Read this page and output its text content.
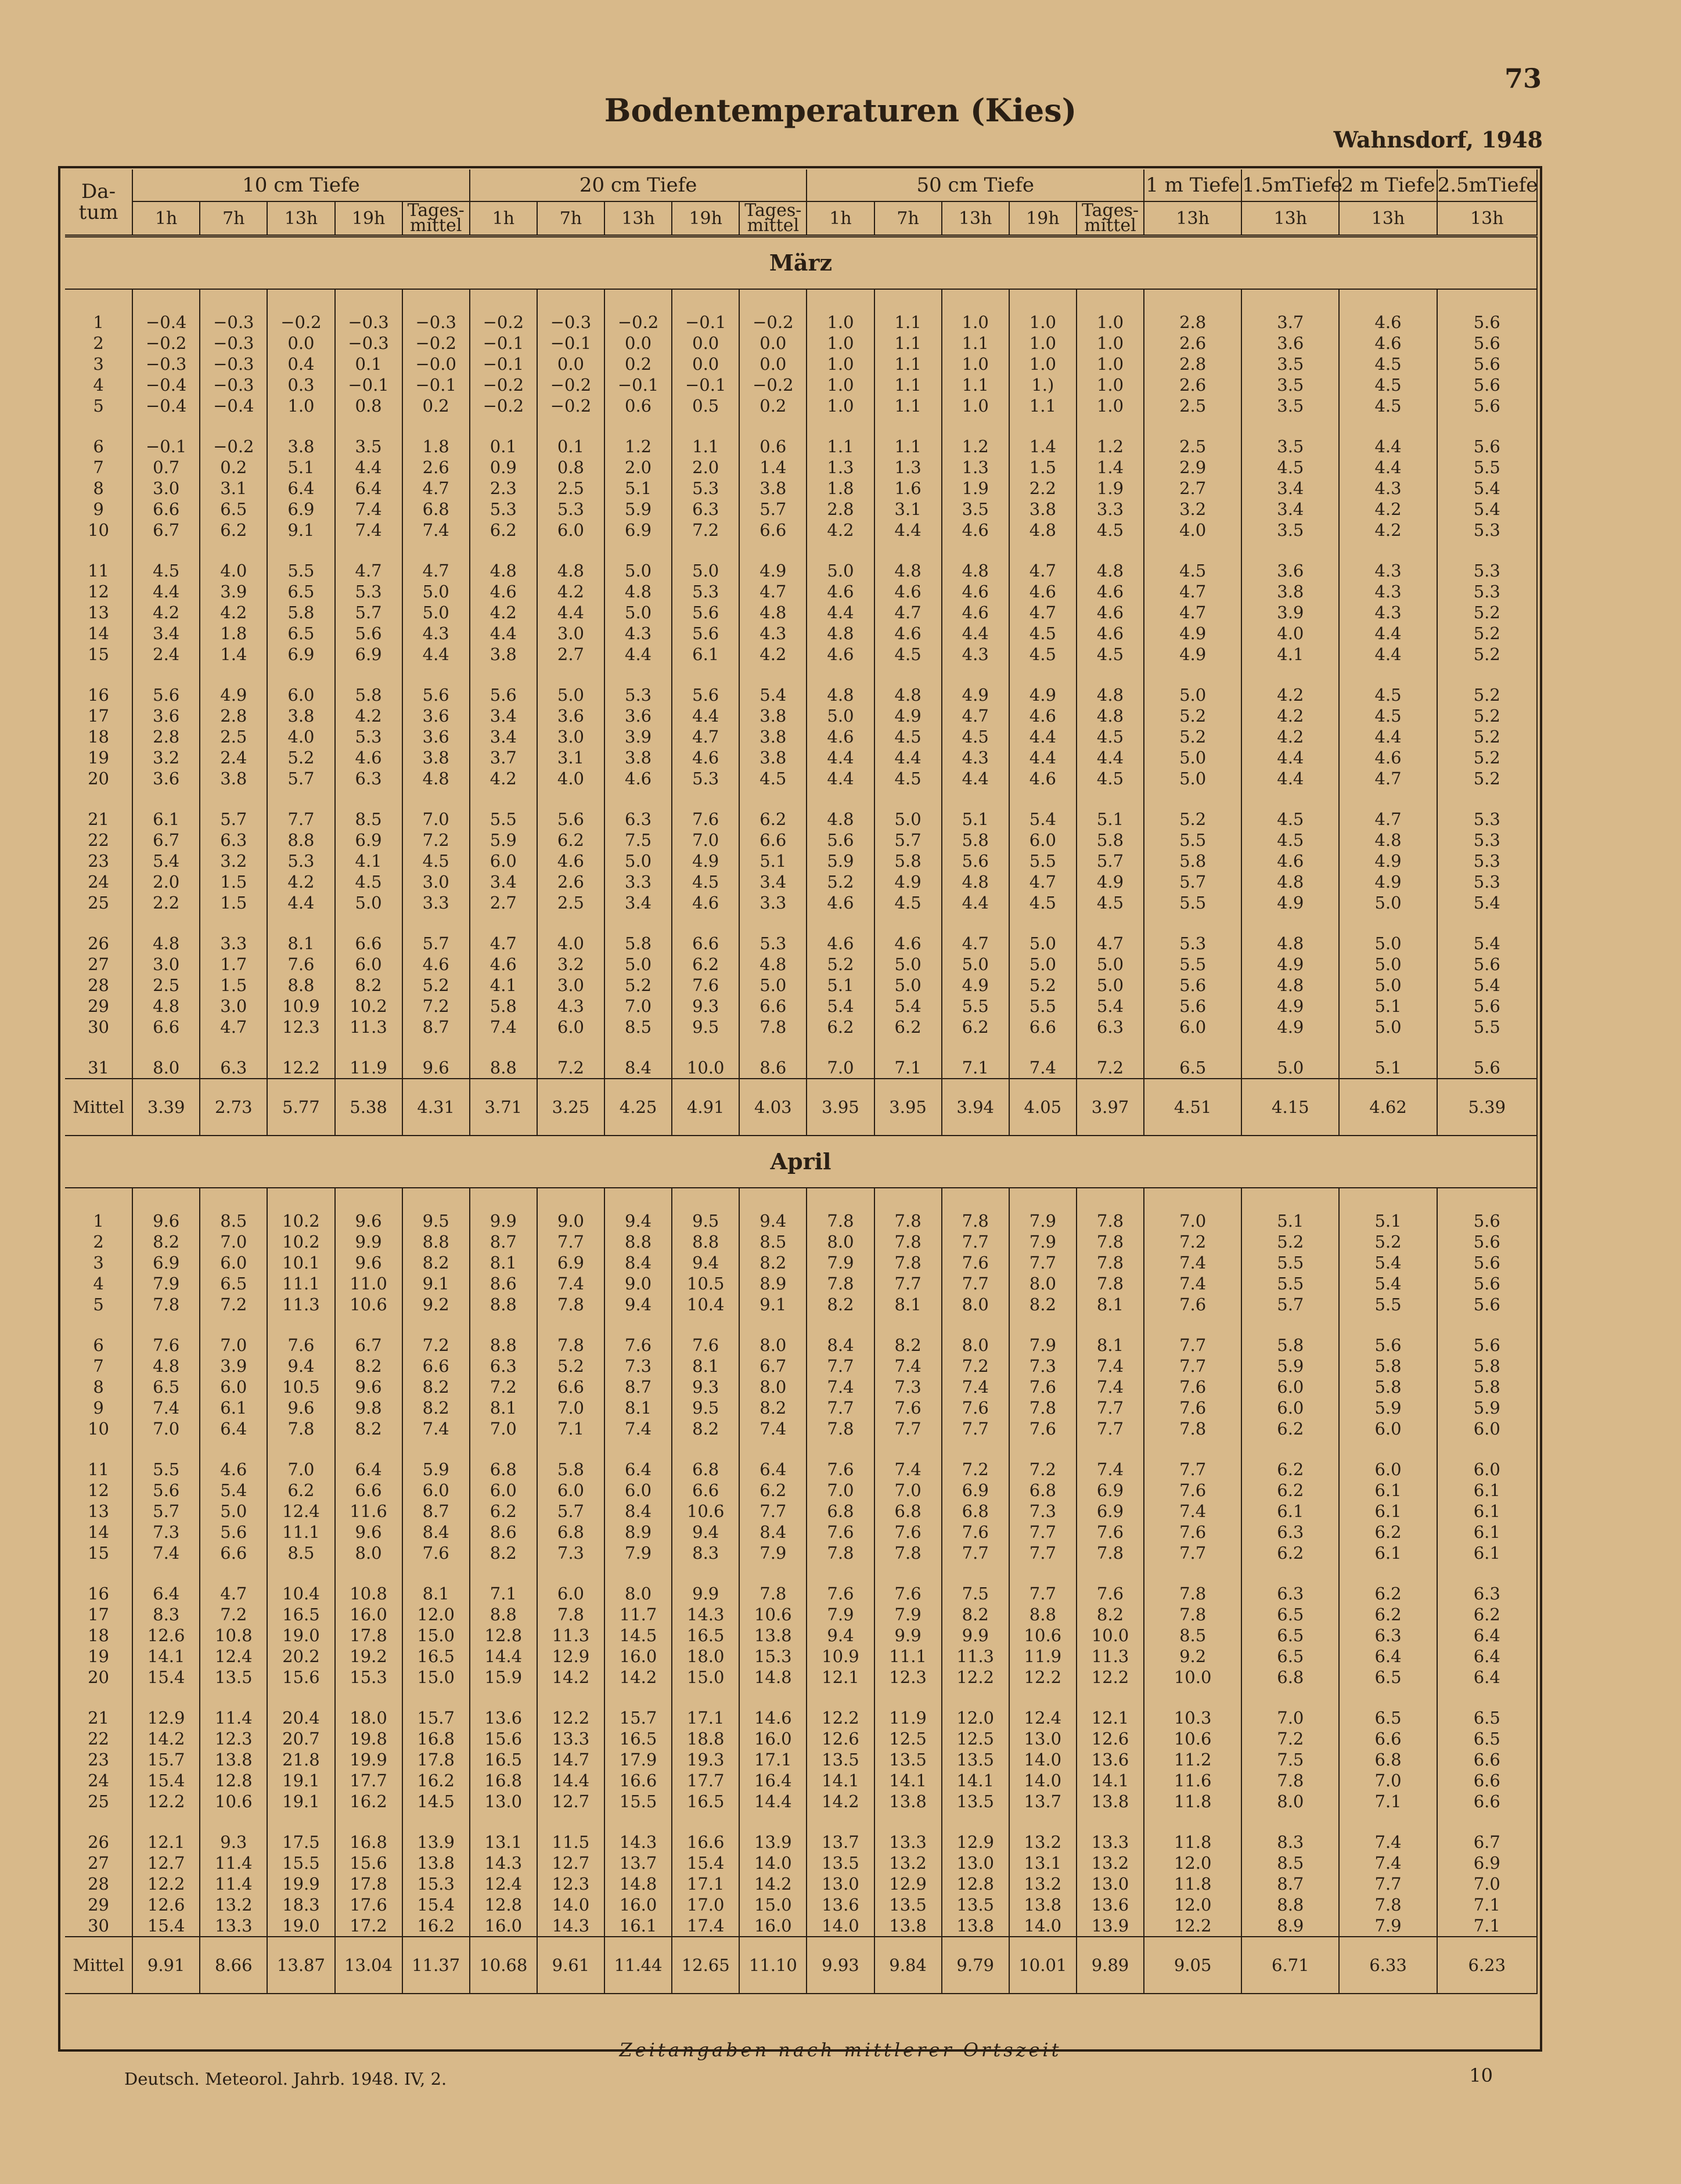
73
Bodentemperaturen (Kies)
Wahnsdorf, 1948
Da-
tum	10 cm Tiefe					20 cm Tiefe					50 cm Tiefe					1 m Tiefe	1.5mTiefe	2 m Tiefe	2.5mTiefe
	1h	7h	13h	19h	Tages-
mittel	1h	7h	13h	19h	Tages-
mittel	1h	7h	13h	19h	Tages-
mittel	13h	13h	13h	13h
März																			

1	−0.4	−0.3	−0.2	−0.3	−0.3	−0.2	−0.3	−0.2	−0.1	−0.2	1.0	1.1	1.0	1.0	1.0	2.8	3.7	4.6	5.6
2	−0.2	−0.3	0.0	−0.3	−0.2	−0.1	−0.1	0.0	0.0	0.0	1.0	1.1	1.1	1.0	1.0	2.6	3.6	4.6	5.6
3	−0.3	−0.3	0.4	0.1	−0.0	−0.1	0.0	0.2	0.0	0.0	1.0	1.1	1.0	1.0	1.0	2.8	3.5	4.5	5.6
4	−0.4	−0.3	0.3	−0.1	−0.1	−0.2	−0.2	−0.1	−0.1	−0.2	1.0	1.1	1.1	1.)	1.0	2.6	3.5	4.5	5.6
5	−0.4	−0.4	1.0	0.8	0.2	−0.2	−0.2	0.6	0.5	0.2	1.0	1.1	1.0	1.1	1.0	2.5	3.5	4.5	5.6

6	−0.1	−0.2	3.8	3.5	1.8	0.1	0.1	1.2	1.1	0.6	1.1	1.1	1.2	1.4	1.2	2.5	3.5	4.4	5.6
7	0.7	0.2	5.1	4.4	2.6	0.9	0.8	2.0	2.0	1.4	1.3	1.3	1.3	1.5	1.4	2.9	4.5	4.4	5.5
8	3.0	3.1	6.4	6.4	4.7	2.3	2.5	5.1	5.3	3.8	1.8	1.6	1.9	2.2	1.9	2.7	3.4	4.3	5.4
9	6.6	6.5	6.9	7.4	6.8	5.3	5.3	5.9	6.3	5.7	2.8	3.1	3.5	3.8	3.3	3.2	3.4	4.2	5.4
10	6.7	6.2	9.1	7.4	7.4	6.2	6.0	6.9	7.2	6.6	4.2	4.4	4.6	4.8	4.5	4.0	3.5	4.2	5.3

11	4.5	4.0	5.5	4.7	4.7	4.8	4.8	5.0	5.0	4.9	5.0	4.8	4.8	4.7	4.8	4.5	3.6	4.3	5.3
12	4.4	3.9	6.5	5.3	5.0	4.6	4.2	4.8	5.3	4.7	4.6	4.6	4.6	4.6	4.6	4.7	3.8	4.3	5.3
13	4.2	4.2	5.8	5.7	5.0	4.2	4.4	5.0	5.6	4.8	4.4	4.7	4.6	4.7	4.6	4.7	3.9	4.3	5.2
14	3.4	1.8	6.5	5.6	4.3	4.4	3.0	4.3	5.6	4.3	4.8	4.6	4.4	4.5	4.6	4.9	4.0	4.4	5.2
15	2.4	1.4	6.9	6.9	4.4	3.8	2.7	4.4	6.1	4.2	4.6	4.5	4.3	4.5	4.5	4.9	4.1	4.4	5.2

16	5.6	4.9	6.0	5.8	5.6	5.6	5.0	5.3	5.6	5.4	4.8	4.8	4.9	4.9	4.8	5.0	4.2	4.5	5.2
17	3.6	2.8	3.8	4.2	3.6	3.4	3.6	3.6	4.4	3.8	5.0	4.9	4.7	4.6	4.8	5.2	4.2	4.5	5.2
18	2.8	2.5	4.0	5.3	3.6	3.4	3.0	3.9	4.7	3.8	4.6	4.5	4.5	4.4	4.5	5.2	4.2	4.4	5.2
19	3.2	2.4	5.2	4.6	3.8	3.7	3.1	3.8	4.6	3.8	4.4	4.4	4.3	4.4	4.4	5.0	4.4	4.6	5.2
20	3.6	3.8	5.7	6.3	4.8	4.2	4.0	4.6	5.3	4.5	4.4	4.5	4.4	4.6	4.5	5.0	4.4	4.7	5.2

21	6.1	5.7	7.7	8.5	7.0	5.5	5.6	6.3	7.6	6.2	4.8	5.0	5.1	5.4	5.1	5.2	4.5	4.7	5.3
22	6.7	6.3	8.8	6.9	7.2	5.9	6.2	7.5	7.0	6.6	5.6	5.7	5.8	6.0	5.8	5.5	4.5	4.8	5.3
23	5.4	3.2	5.3	4.1	4.5	6.0	4.6	5.0	4.9	5.1	5.9	5.8	5.6	5.5	5.7	5.8	4.6	4.9	5.3
24	2.0	1.5	4.2	4.5	3.0	3.4	2.6	3.3	4.5	3.4	5.2	4.9	4.8	4.7	4.9	5.7	4.8	4.9	5.3
25	2.2	1.5	4.4	5.0	3.3	2.7	2.5	3.4	4.6	3.3	4.6	4.5	4.4	4.5	4.5	5.5	4.9	5.0	5.4

26	4.8	3.3	8.1	6.6	5.7	4.7	4.0	5.8	6.6	5.3	4.6	4.6	4.7	5.0	4.7	5.3	4.8	5.0	5.4
27	3.0	1.7	7.6	6.0	4.6	4.6	3.2	5.0	6.2	4.8	5.2	5.0	5.0	5.0	5.0	5.5	4.9	5.0	5.6
28	2.5	1.5	8.8	8.2	5.2	4.1	3.0	5.2	7.6	5.0	5.1	5.0	4.9	5.2	5.0	5.6	4.8	5.0	5.4
29	4.8	3.0	10.9	10.2	7.2	5.8	4.3	7.0	9.3	6.6	5.4	5.4	5.5	5.5	5.4	5.6	4.9	5.1	5.6
30	6.6	4.7	12.3	11.3	8.7	7.4	6.0	8.5	9.5	7.8	6.2	6.2	6.2	6.6	6.3	6.0	4.9	5.0	5.5

31	8.0	6.3	12.2	11.9	9.6	8.8	7.2	8.4	10.0	8.6	7.0	7.1	7.1	7.4	7.2	6.5	5.0	5.1	5.6
Mittel	3.39	2.73	5.77	5.38	4.31	3.71	3.25	4.25	4.91	4.03	3.95	3.95	3.94	4.05	3.97	4.51	4.15	4.62	5.39
April																			

1	9.6	8.5	10.2	9.6	9.5	9.9	9.0	9.4	9.5	9.4	7.8	7.8	7.8	7.9	7.8	7.0	5.1	5.1	5.6
2	8.2	7.0	10.2	9.9	8.8	8.7	7.7	8.8	8.8	8.5	8.0	7.8	7.7	7.9	7.8	7.2	5.2	5.2	5.6
3	6.9	6.0	10.1	9.6	8.2	8.1	6.9	8.4	9.4	8.2	7.9	7.8	7.6	7.7	7.8	7.4	5.5	5.4	5.6
4	7.9	6.5	11.1	11.0	9.1	8.6	7.4	9.0	10.5	8.9	7.8	7.7	7.7	8.0	7.8	7.4	5.5	5.4	5.6
5	7.8	7.2	11.3	10.6	9.2	8.8	7.8	9.4	10.4	9.1	8.2	8.1	8.0	8.2	8.1	7.6	5.7	5.5	5.6

6	7.6	7.0	7.6	6.7	7.2	8.8	7.8	7.6	7.6	8.0	8.4	8.2	8.0	7.9	8.1	7.7	5.8	5.6	5.6
7	4.8	3.9	9.4	8.2	6.6	6.3	5.2	7.3	8.1	6.7	7.7	7.4	7.2	7.3	7.4	7.7	5.9	5.8	5.8
8	6.5	6.0	10.5	9.6	8.2	7.2	6.6	8.7	9.3	8.0	7.4	7.3	7.4	7.6	7.4	7.6	6.0	5.8	5.8
9	7.4	6.1	9.6	9.8	8.2	8.1	7.0	8.1	9.5	8.2	7.7	7.6	7.6	7.8	7.7	7.6	6.0	5.9	5.9
10	7.0	6.4	7.8	8.2	7.4	7.0	7.1	7.4	8.2	7.4	7.8	7.7	7.7	7.6	7.7	7.8	6.2	6.0	6.0

11	5.5	4.6	7.0	6.4	5.9	6.8	5.8	6.4	6.8	6.4	7.6	7.4	7.2	7.2	7.4	7.7	6.2	6.0	6.0
12	5.6	5.4	6.2	6.6	6.0	6.0	6.0	6.0	6.6	6.2	7.0	7.0	6.9	6.8	6.9	7.6	6.2	6.1	6.1
13	5.7	5.0	12.4	11.6	8.7	6.2	5.7	8.4	10.6	7.7	6.8	6.8	6.8	7.3	6.9	7.4	6.1	6.1	6.1
14	7.3	5.6	11.1	9.6	8.4	8.6	6.8	8.9	9.4	8.4	7.6	7.6	7.6	7.7	7.6	7.6	6.3	6.2	6.1
15	7.4	6.6	8.5	8.0	7.6	8.2	7.3	7.9	8.3	7.9	7.8	7.8	7.7	7.7	7.8	7.7	6.2	6.1	6.1

16	6.4	4.7	10.4	10.8	8.1	7.1	6.0	8.0	9.9	7.8	7.6	7.6	7.5	7.7	7.6	7.8	6.3	6.2	6.3
17	8.3	7.2	16.5	16.0	12.0	8.8	7.8	11.7	14.3	10.6	7.9	7.9	8.2	8.8	8.2	7.8	6.5	6.2	6.2
18	12.6	10.8	19.0	17.8	15.0	12.8	11.3	14.5	16.5	13.8	9.4	9.9	9.9	10.6	10.0	8.5	6.5	6.3	6.4
19	14.1	12.4	20.2	19.2	16.5	14.4	12.9	16.0	18.0	15.3	10.9	11.1	11.3	11.9	11.3	9.2	6.5	6.4	6.4
20	15.4	13.5	15.6	15.3	15.0	15.9	14.2	14.2	15.0	14.8	12.1	12.3	12.2	12.2	12.2	10.0	6.8	6.5	6.4

21	12.9	11.4	20.4	18.0	15.7	13.6	12.2	15.7	17.1	14.6	12.2	11.9	12.0	12.4	12.1	10.3	7.0	6.5	6.5
22	14.2	12.3	20.7	19.8	16.8	15.6	13.3	16.5	18.8	16.0	12.6	12.5	12.5	13.0	12.6	10.6	7.2	6.6	6.5
23	15.7	13.8	21.8	19.9	17.8	16.5	14.7	17.9	19.3	17.1	13.5	13.5	13.5	14.0	13.6	11.2	7.5	6.8	6.6
24	15.4	12.8	19.1	17.7	16.2	16.8	14.4	16.6	17.7	16.4	14.1	14.1	14.1	14.0	14.1	11.6	7.8	7.0	6.6
25	12.2	10.6	19.1	16.2	14.5	13.0	12.7	15.5	16.5	14.4	14.2	13.8	13.5	13.7	13.8	11.8	8.0	7.1	6.6

26	12.1	9.3	17.5	16.8	13.9	13.1	11.5	14.3	16.6	13.9	13.7	13.3	12.9	13.2	13.3	11.8	8.3	7.4	6.7
27	12.7	11.4	15.5	15.6	13.8	14.3	12.7	13.7	15.4	14.0	13.5	13.2	13.0	13.1	13.2	12.0	8.5	7.4	6.9
28	12.2	11.4	19.9	17.8	15.3	12.4	12.3	14.8	17.1	14.2	13.0	12.9	12.8	13.2	13.0	11.8	8.7	7.7	7.0
29	12.6	13.2	18.3	17.6	15.4	12.8	14.0	16.0	17.0	15.0	13.6	13.5	13.5	13.8	13.6	12.0	8.8	7.8	7.1
30	15.4	13.3	19.0	17.2	16.2	16.0	14.3	16.1	17.4	16.0	14.0	13.8	13.8	14.0	13.9	12.2	8.9	7.9	7.1
Mittel	9.91	8.66	13.87	13.04	11.37	10.68	9.61	11.44	12.65	11.10	9.93	9.84	9.79	10.01	9.89	9.05	6.71	6.33	6.23
Zeitangaben nach mittlerer Ortszeit
Deutsch. Meteorol. Jahrb. 1948. IV, 2.	10
